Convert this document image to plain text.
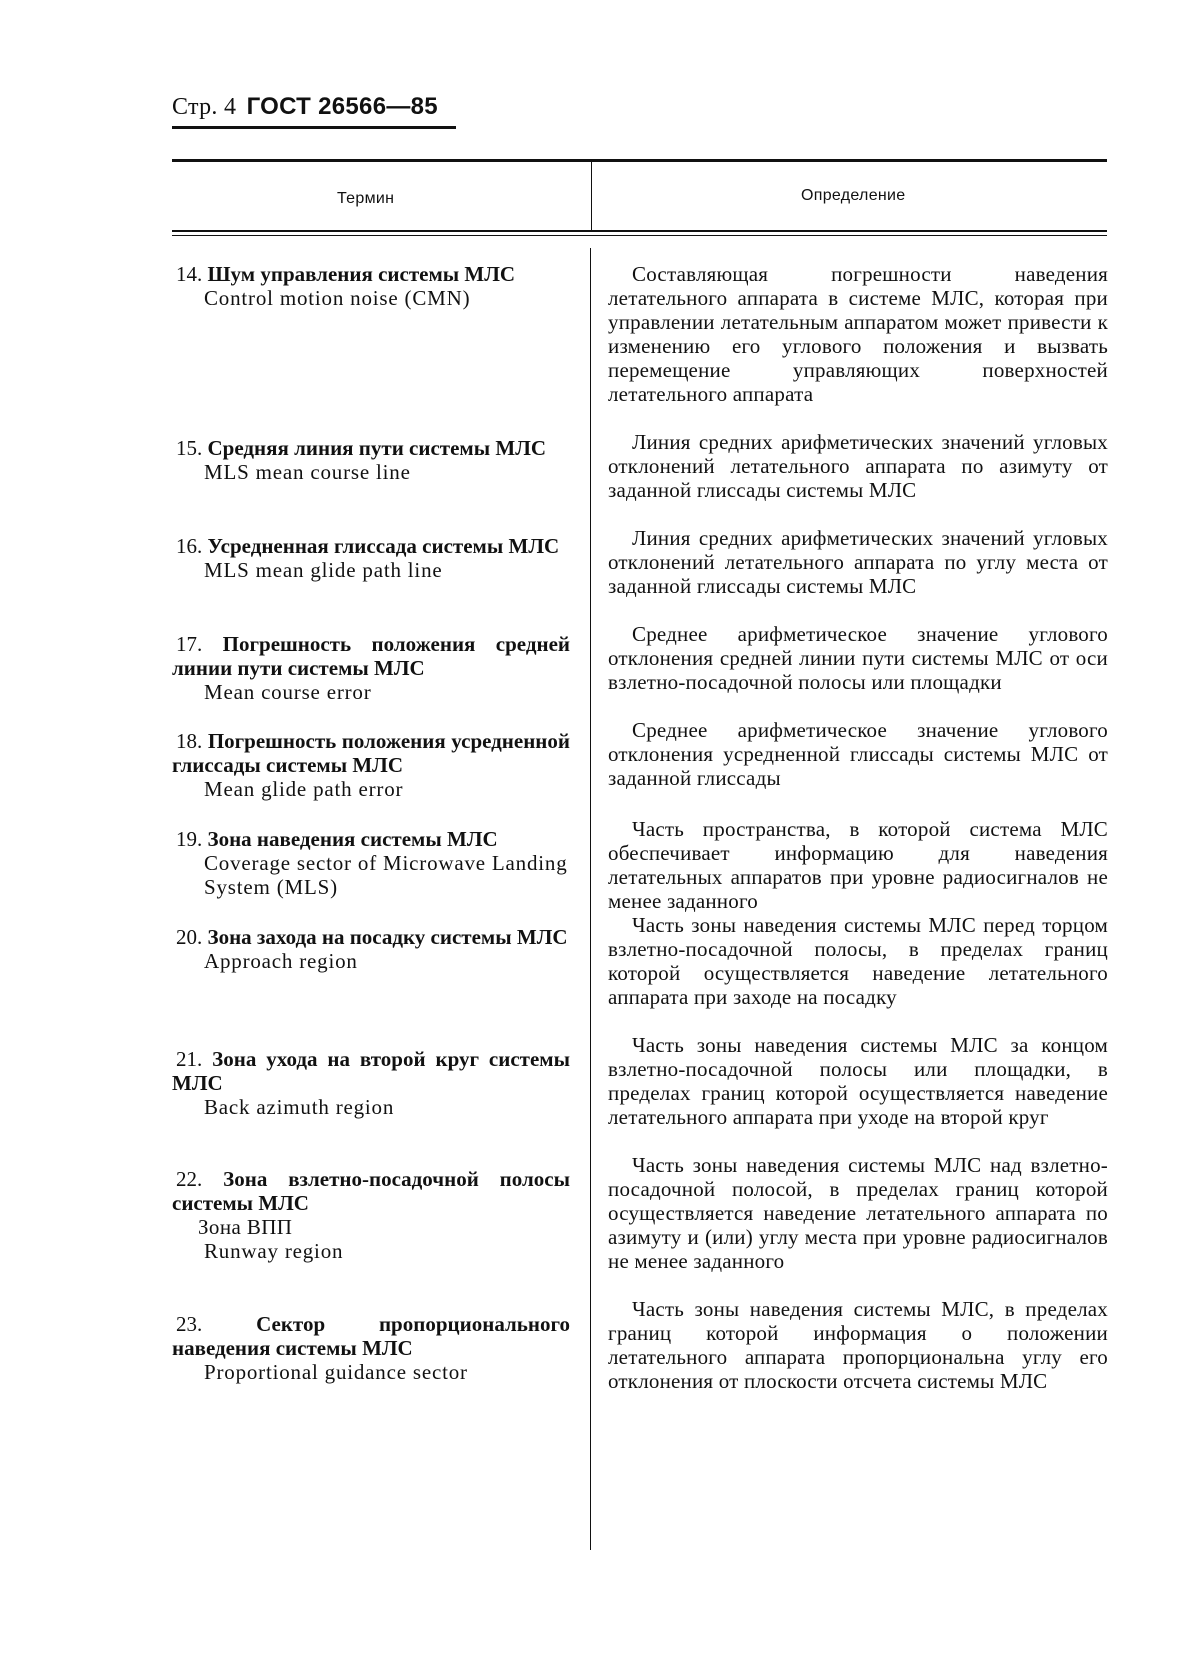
Стр. 4 ГОСТ 26566—85
Термин	Определение
14. Шум управления системы МЛС
Control motion noise (CMN)
15. Средняя линия пути системы МЛС
MLS mean course line
16. Усредненная глиссада системы МЛС
MLS mean glide path line
17. Погрешность положения средней линии пути системы МЛС
Mean course error
18. Погрешность положения усредненной глиссады системы МЛС
Mean glide path error
19. Зона наведения системы МЛС
Coverage sector of Microwave Landing System (MLS)
20. Зона захода на посадку системы МЛС
Approach region
21. Зона ухода на второй круг системы МЛС
Back azimuth region
22. Зона взлетно-посадочной полосы системы МЛС
Зона ВПП
Runway region
23.	Сектор пропорционального наведения системы МЛС
Proportional guidance sector
Составляющая погрешности наведения летательного аппарата в системе МЛС, которая при управлении летательным аппаратом может привести к изменению его углового положения и вызвать перемещение управляющих поверхностей летательного аппарата
Линия средних арифметических значений угловых отклонений летательного аппарата по азимуту от заданной глиссады системы МЛС
Линия средних арифметических значений угловых отклонений летательного аппарата по углу места от заданной глиссады системы МЛС
Среднее арифметическое значение углового отклонения средней линии пути системы МЛС от оси взлетно-посадочной полосы или площадки
Среднее арифметическое значение углового отклонения усредненной глиссады системы МЛС от заданной глиссады
Часть пространства, в которой система МЛС обеспечивает информацию для наведения летательных аппаратов при уровне радиосигналов не менее заданного
Часть зоны наведения системы МЛС перед торцом взлетно-посадочной полосы, в пределах границ которой осуществляется наведение летательного аппарата при заходе на посадку
Часть зоны наведения системы МЛС за концом взлетно-посадочной полосы или площадки, в пределах границ которой осуществляется наведение летательного аппарата при уходе на второй круг
Часть зоны наведения системы МЛС над взлетно-посадочной полосой, в пределах границ которой осуществляется наведение летательного аппарата по азимуту и (или) углу места при уровне радиосигналов не менее заданного
Часть зоны наведения системы МЛС, в пределах границ которой информация о положении летательного аппарата пропорциональна углу его отклонения от плоскости отсчета системы МЛС
